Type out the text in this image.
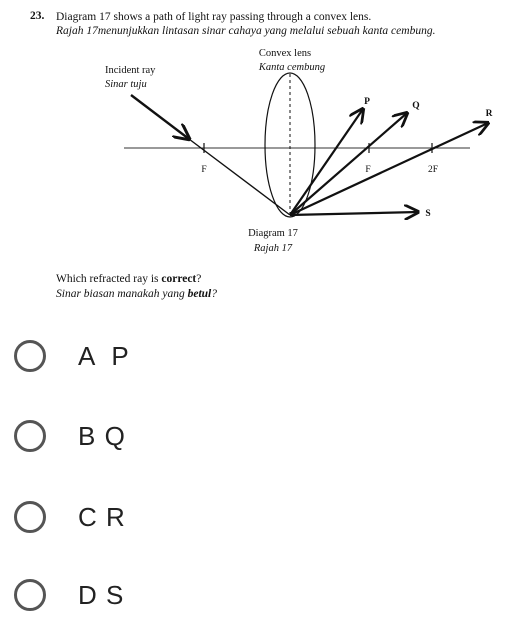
23. Diagram 17 shows a path of light ray passing through a convex lens.
Rajah 17menunjukkan lintasan sinar cahaya yang melalui sebuah kanta cembung.
Convex lens
Kanta cembung
Incident ray
Sinar tuju
F	F	2F
P	Q
R
S
Diagram 17
Rajah 17
Which refracted ray is correct?
Sinar biasan manakah yang betul?
A  P
B Q
C R
D S
